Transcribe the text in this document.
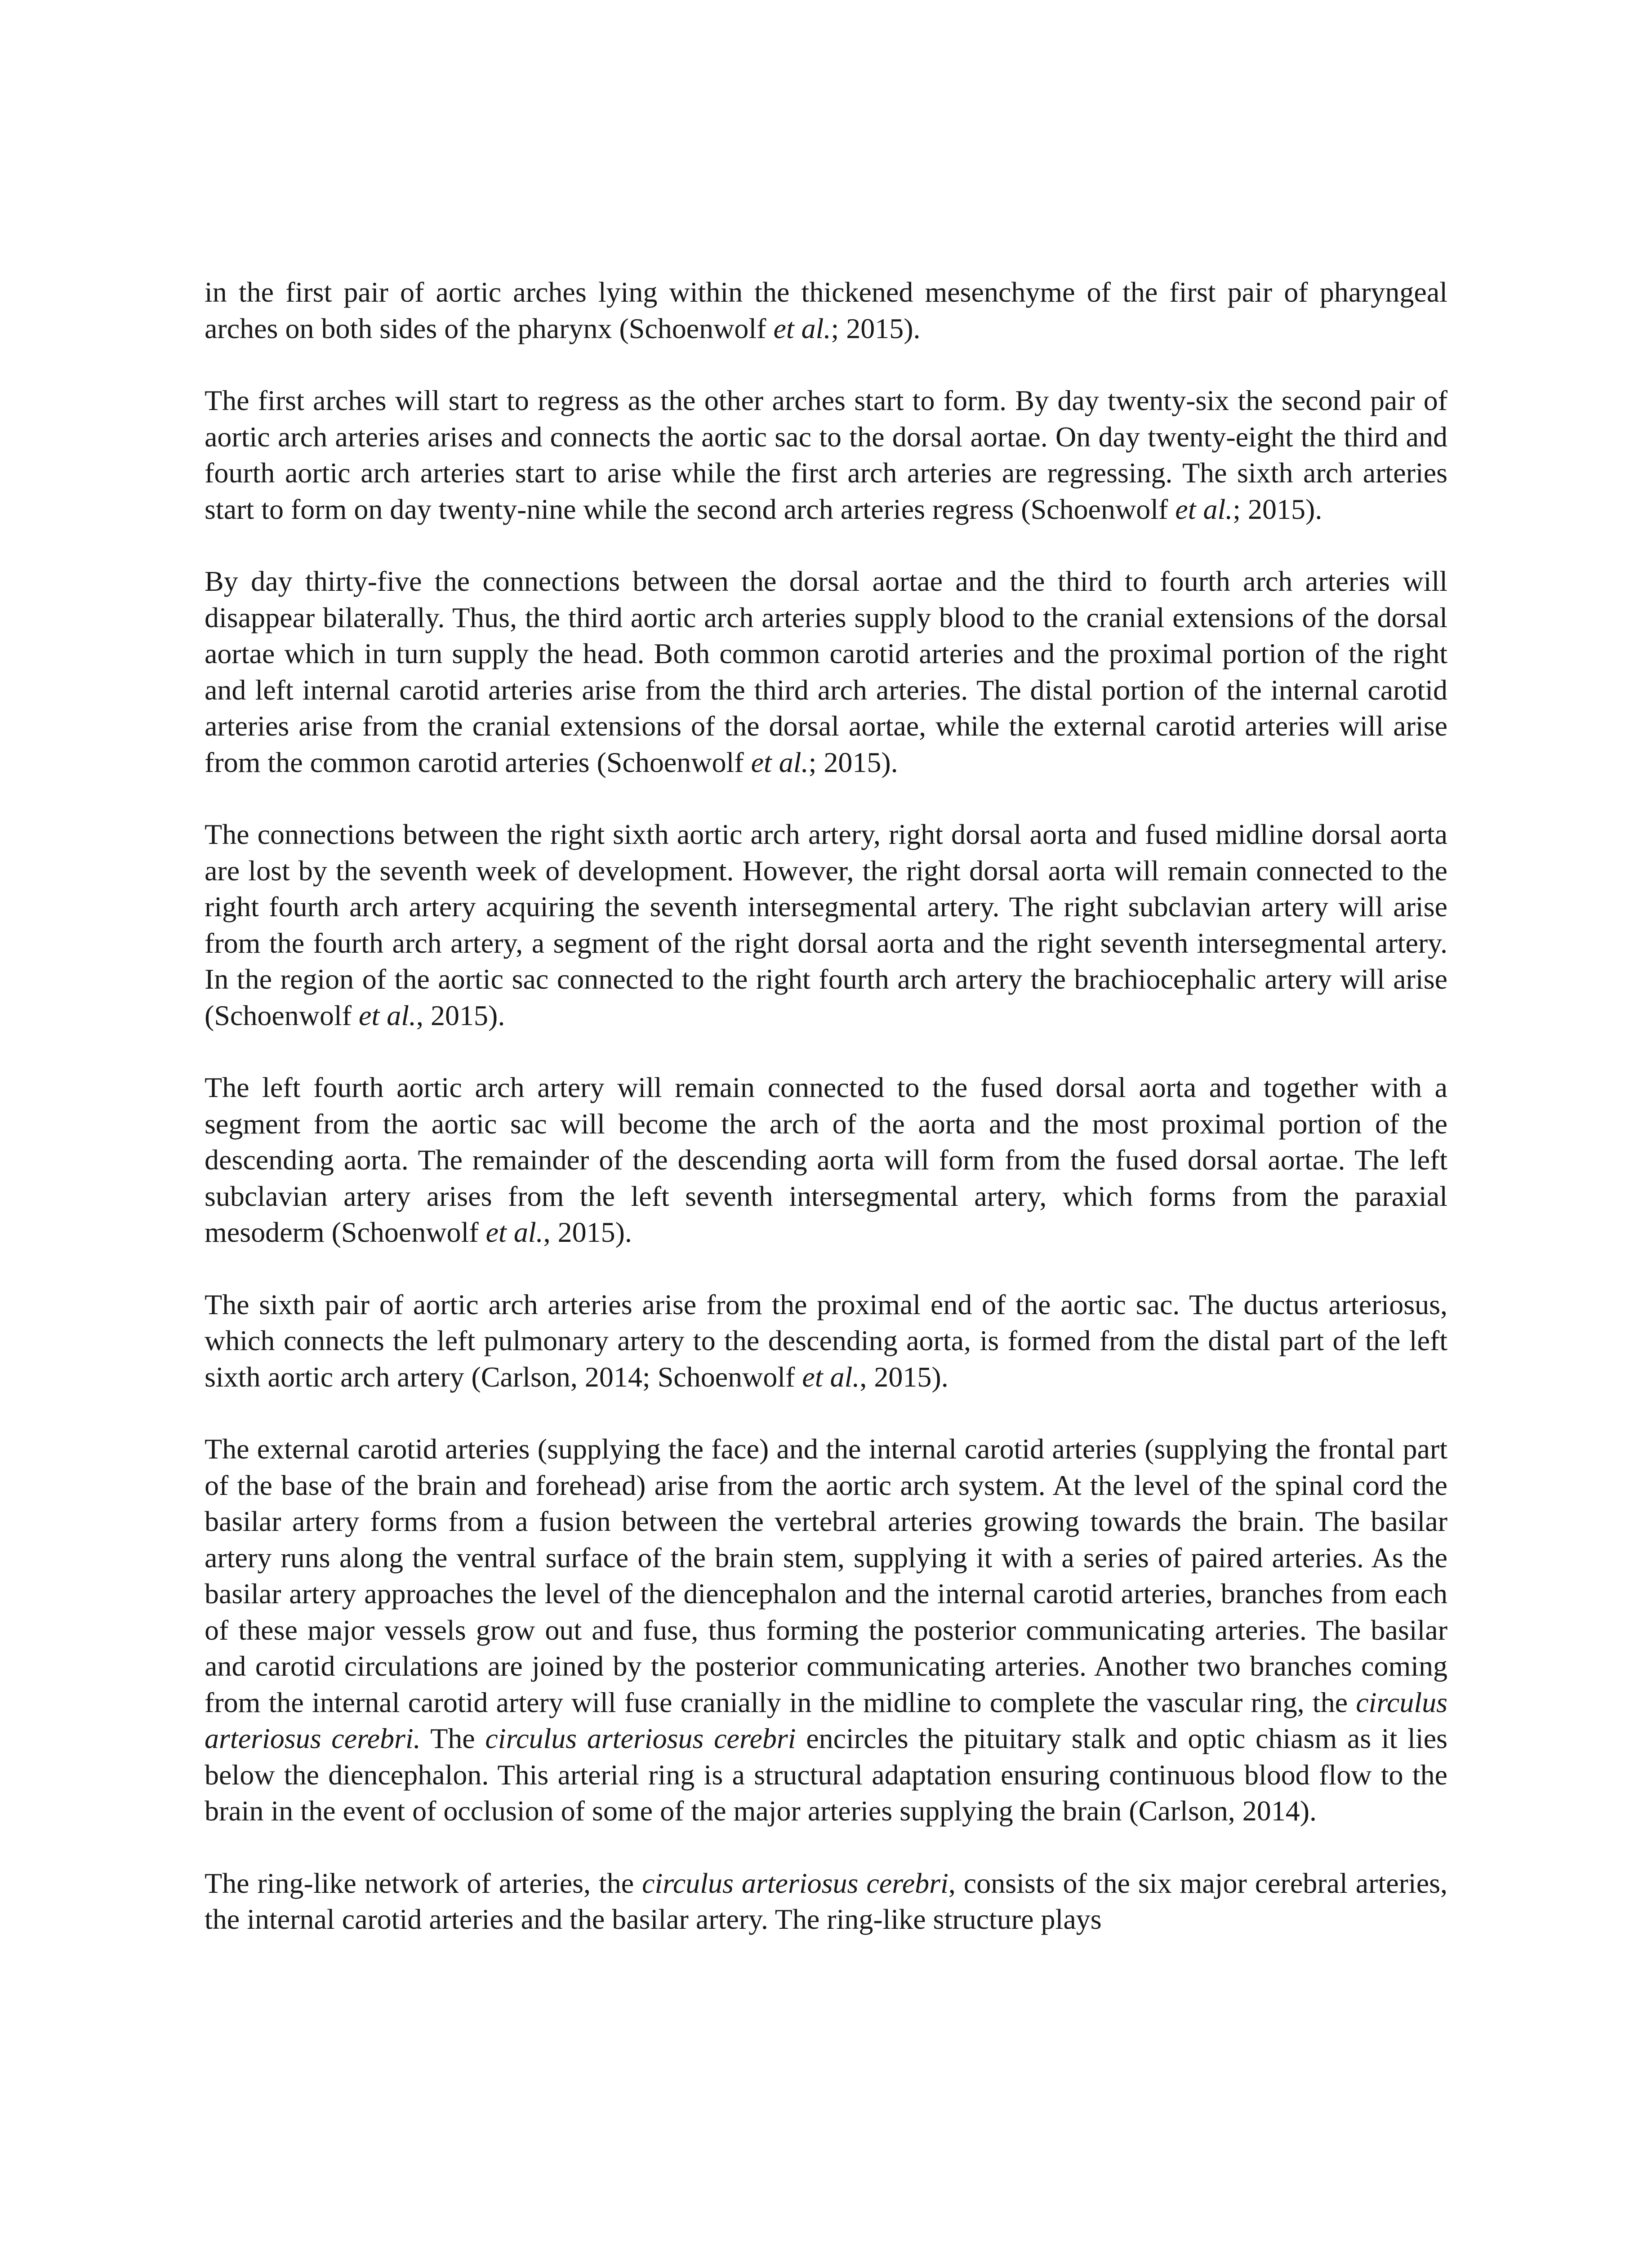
in the first pair of aortic arches lying within the thickened mesenchyme of the first pair of pharyngeal arches on both sides of the pharynx (Schoenwolf et al.; 2015).

The first arches will start to regress as the other arches start to form. By day twenty-six the second pair of aortic arch arteries arises and connects the aortic sac to the dorsal aortae. On day twenty-eight the third and fourth aortic arch arteries start to arise while the first arch arteries are regressing. The sixth arch arteries start to form on day twenty-nine while the second arch arteries regress (Schoenwolf et al.; 2015).

By day thirty-five the connections between the dorsal aortae and the third to fourth arch arteries will disappear bilaterally. Thus, the third aortic arch arteries supply blood to the cranial extensions of the dorsal aortae which in turn supply the head. Both common carotid arteries and the proximal portion of the right and left internal carotid arteries arise from the third arch arteries. The distal portion of the internal carotid arteries arise from the cranial extensions of the dorsal aortae, while the external carotid arteries will arise from the common carotid arteries (Schoenwolf et al.; 2015).

The connections between the right sixth aortic arch artery, right dorsal aorta and fused midline dorsal aorta are lost by the seventh week of development. However, the right dorsal aorta will remain connected to the right fourth arch artery acquiring the seventh intersegmental artery. The right subclavian artery will arise from the fourth arch artery, a segment of the right dorsal aorta and the right seventh intersegmental artery. In the region of the aortic sac connected to the right fourth arch artery the brachiocephalic artery will arise (Schoenwolf et al., 2015).

The left fourth aortic arch artery will remain connected to the fused dorsal aorta and together with a segment from the aortic sac will become the arch of the aorta and the most proximal portion of the descending aorta. The remainder of the descending aorta will form from the fused dorsal aortae. The left subclavian artery arises from the left seventh intersegmental artery, which forms from the paraxial mesoderm (Schoenwolf et al., 2015).

The sixth pair of aortic arch arteries arise from the proximal end of the aortic sac. The ductus arteriosus, which connects the left pulmonary artery to the descending aorta, is formed from the distal part of the left sixth aortic arch artery (Carlson, 2014; Schoenwolf et al., 2015).

The external carotid arteries (supplying the face) and the internal carotid arteries (supplying the frontal part of the base of the brain and forehead) arise from the aortic arch system. At the level of the spinal cord the basilar artery forms from a fusion between the vertebral arteries growing towards the brain. The basilar artery runs along the ventral surface of the brain stem, supplying it with a series of paired arteries. As the basilar artery approaches the level of the diencephalon and the internal carotid arteries, branches from each of these major vessels grow out and fuse, thus forming the posterior communicating arteries. The basilar and carotid circulations are joined by the posterior communicating arteries. Another two branches coming from the internal carotid artery will fuse cranially in the midline to complete the vascular ring, the circulus arteriosus cerebri. The circulus arteriosus cerebri encircles the pituitary stalk and optic chiasm as it lies below the diencephalon. This arterial ring is a structural adaptation ensuring continuous blood flow to the brain in the event of occlusion of some of the major arteries supplying the brain (Carlson, 2014).

The ring-like network of arteries, the circulus arteriosus cerebri, consists of the six major cerebral arteries, the internal carotid arteries and the basilar artery. The ring-like structure plays
